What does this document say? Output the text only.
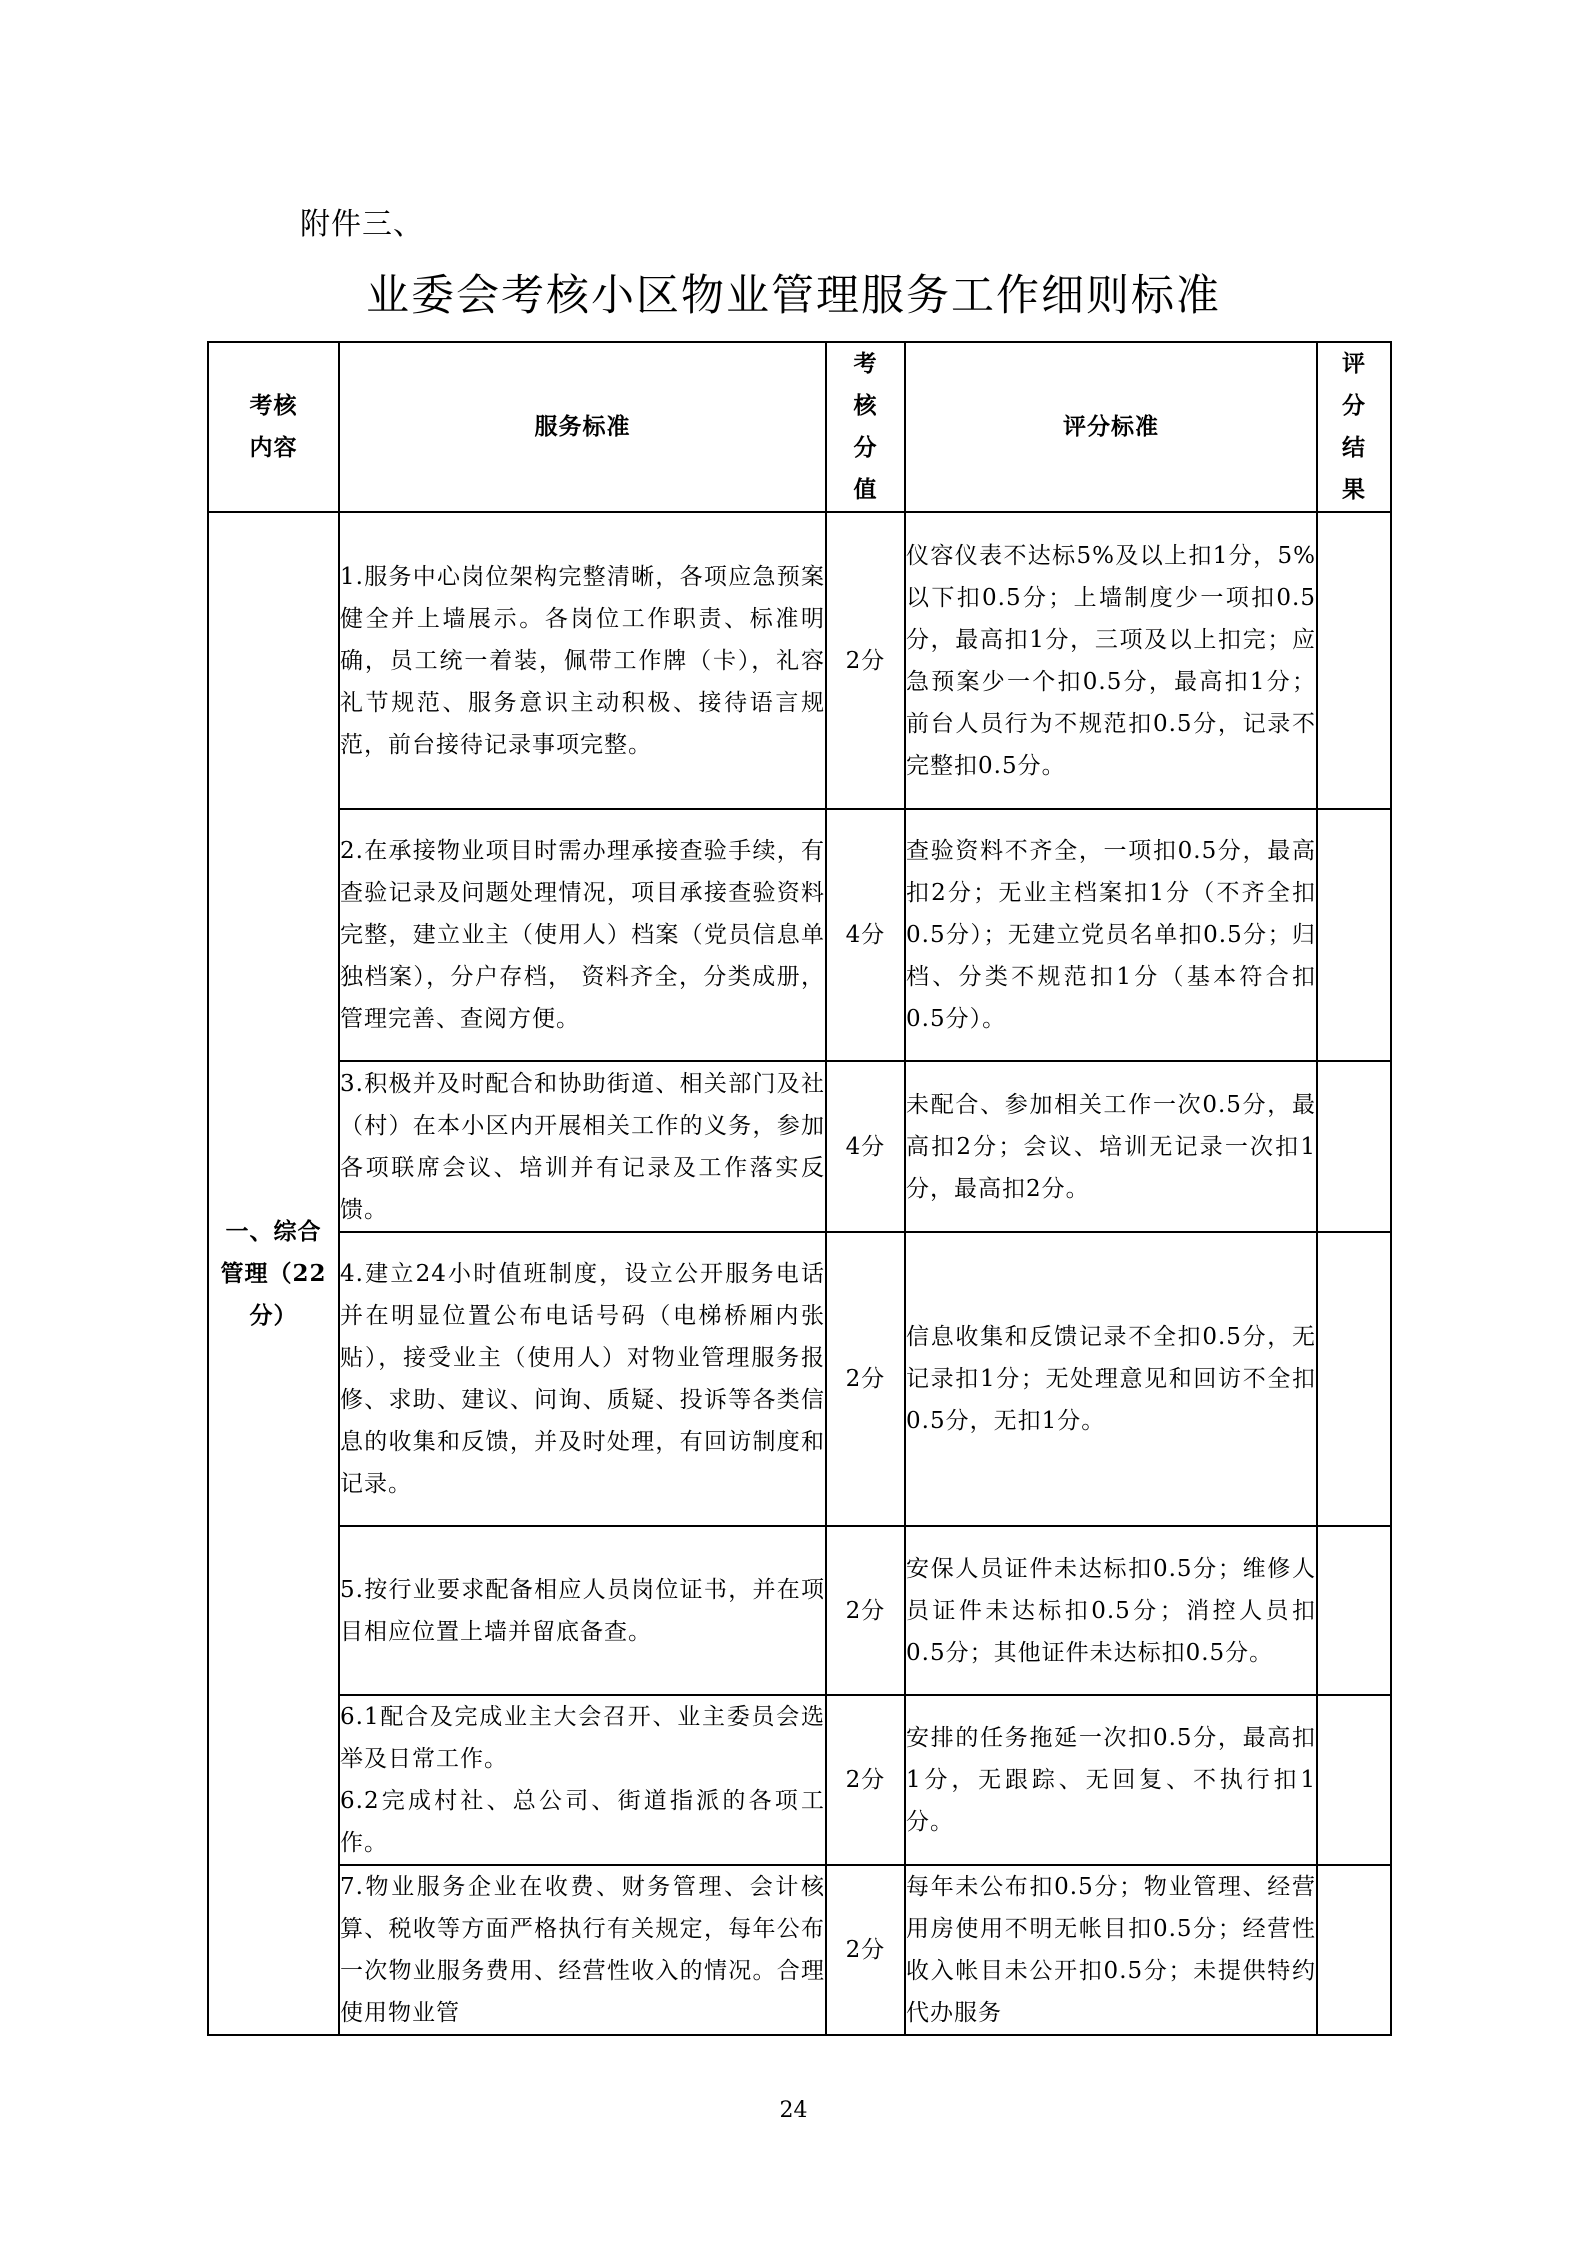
附件三、
业委会考核小区物业管理服务工作细则标准
考核内容	服务标准	考核分值	评分标准	评分结果

一、综合管理（22分）	1.服务中心岗位架构完整清晰，各项应急预案健全并上墙展示。各岗位工作职责、标准明确，员工统一着装，佩带工作牌（卡），礼容礼节规范、服务意识主动积极、接待语言规范，前台接待记录事项完整。	2分	仪容仪表不达标5%及以上扣1分，5%以下扣0.5分；上墙制度少一项扣0.5分，最高扣1分，三项及以上扣完；应急预案少一个扣0.5分，最高扣1分；前台人员行为不规范扣0.5分，记录不完整扣0.5分。	
	2.在承接物业项目时需办理承接查验手续，有查验记录及问题处理情况，项目承接查验资料完整，建立业主（使用人）档案（党员信息单独档案），分户存档， 资料齐全，分类成册，管理完善、查阅方便。	4分	查验资料不齐全，一项扣0.5分，最高扣2分；无业主档案扣1分（不齐全扣0.5分）；无建立党员名单扣0.5分；归档、分类不规范扣1分（基本符合扣0.5分）。	
	3.积极并及时配合和协助街道、相关部门及社（村）在本小区内开展相关工作的义务，参加各项联席会议、培训并有记录及工作落实反馈。	4分	未配合、参加相关工作一次0.5分，最高扣2分；会议、培训无记录一次扣1分，最高扣2分。	
	4.建立24小时值班制度，设立公开服务电话并在明显位置公布电话号码（电梯桥厢内张贴），接受业主（使用人）对物业管理服务报修、求助、建议、问询、质疑、投诉等各类信息的收集和反馈，并及时处理，有回访制度和记录。	2分	信息收集和反馈记录不全扣0.5分，无记录扣1分；无处理意见和回访不全扣0.5分，无扣1分。	
	5.按行业要求配备相应人员岗位证书，并在项目相应位置上墙并留底备查。	2分	安保人员证件未达标扣0.5分；维修人员证件未达标扣0.5分；消控人员扣0.5分；其他证件未达标扣0.5分。	
	6.1配合及完成业主大会召开、业主委员会选举及日常工作。
6.2完成村社、总公司、街道指派的各项工作。	2分	安排的任务拖延一次扣0.5分，最高扣1分，无跟踪、无回复、不执行扣1分。	
	7.物业服务企业在收费、财务管理、会计核算、税收等方面严格执行有关规定，每年公布一次物业服务费用、经营性收入的情况。合理使用物业管	2分	每年未公布扣0.5分；物业管理、经营用房使用不明无帐目扣0.5分；经营性收入帐目未公开扣0.5分；未提供特约代办服务	
24
